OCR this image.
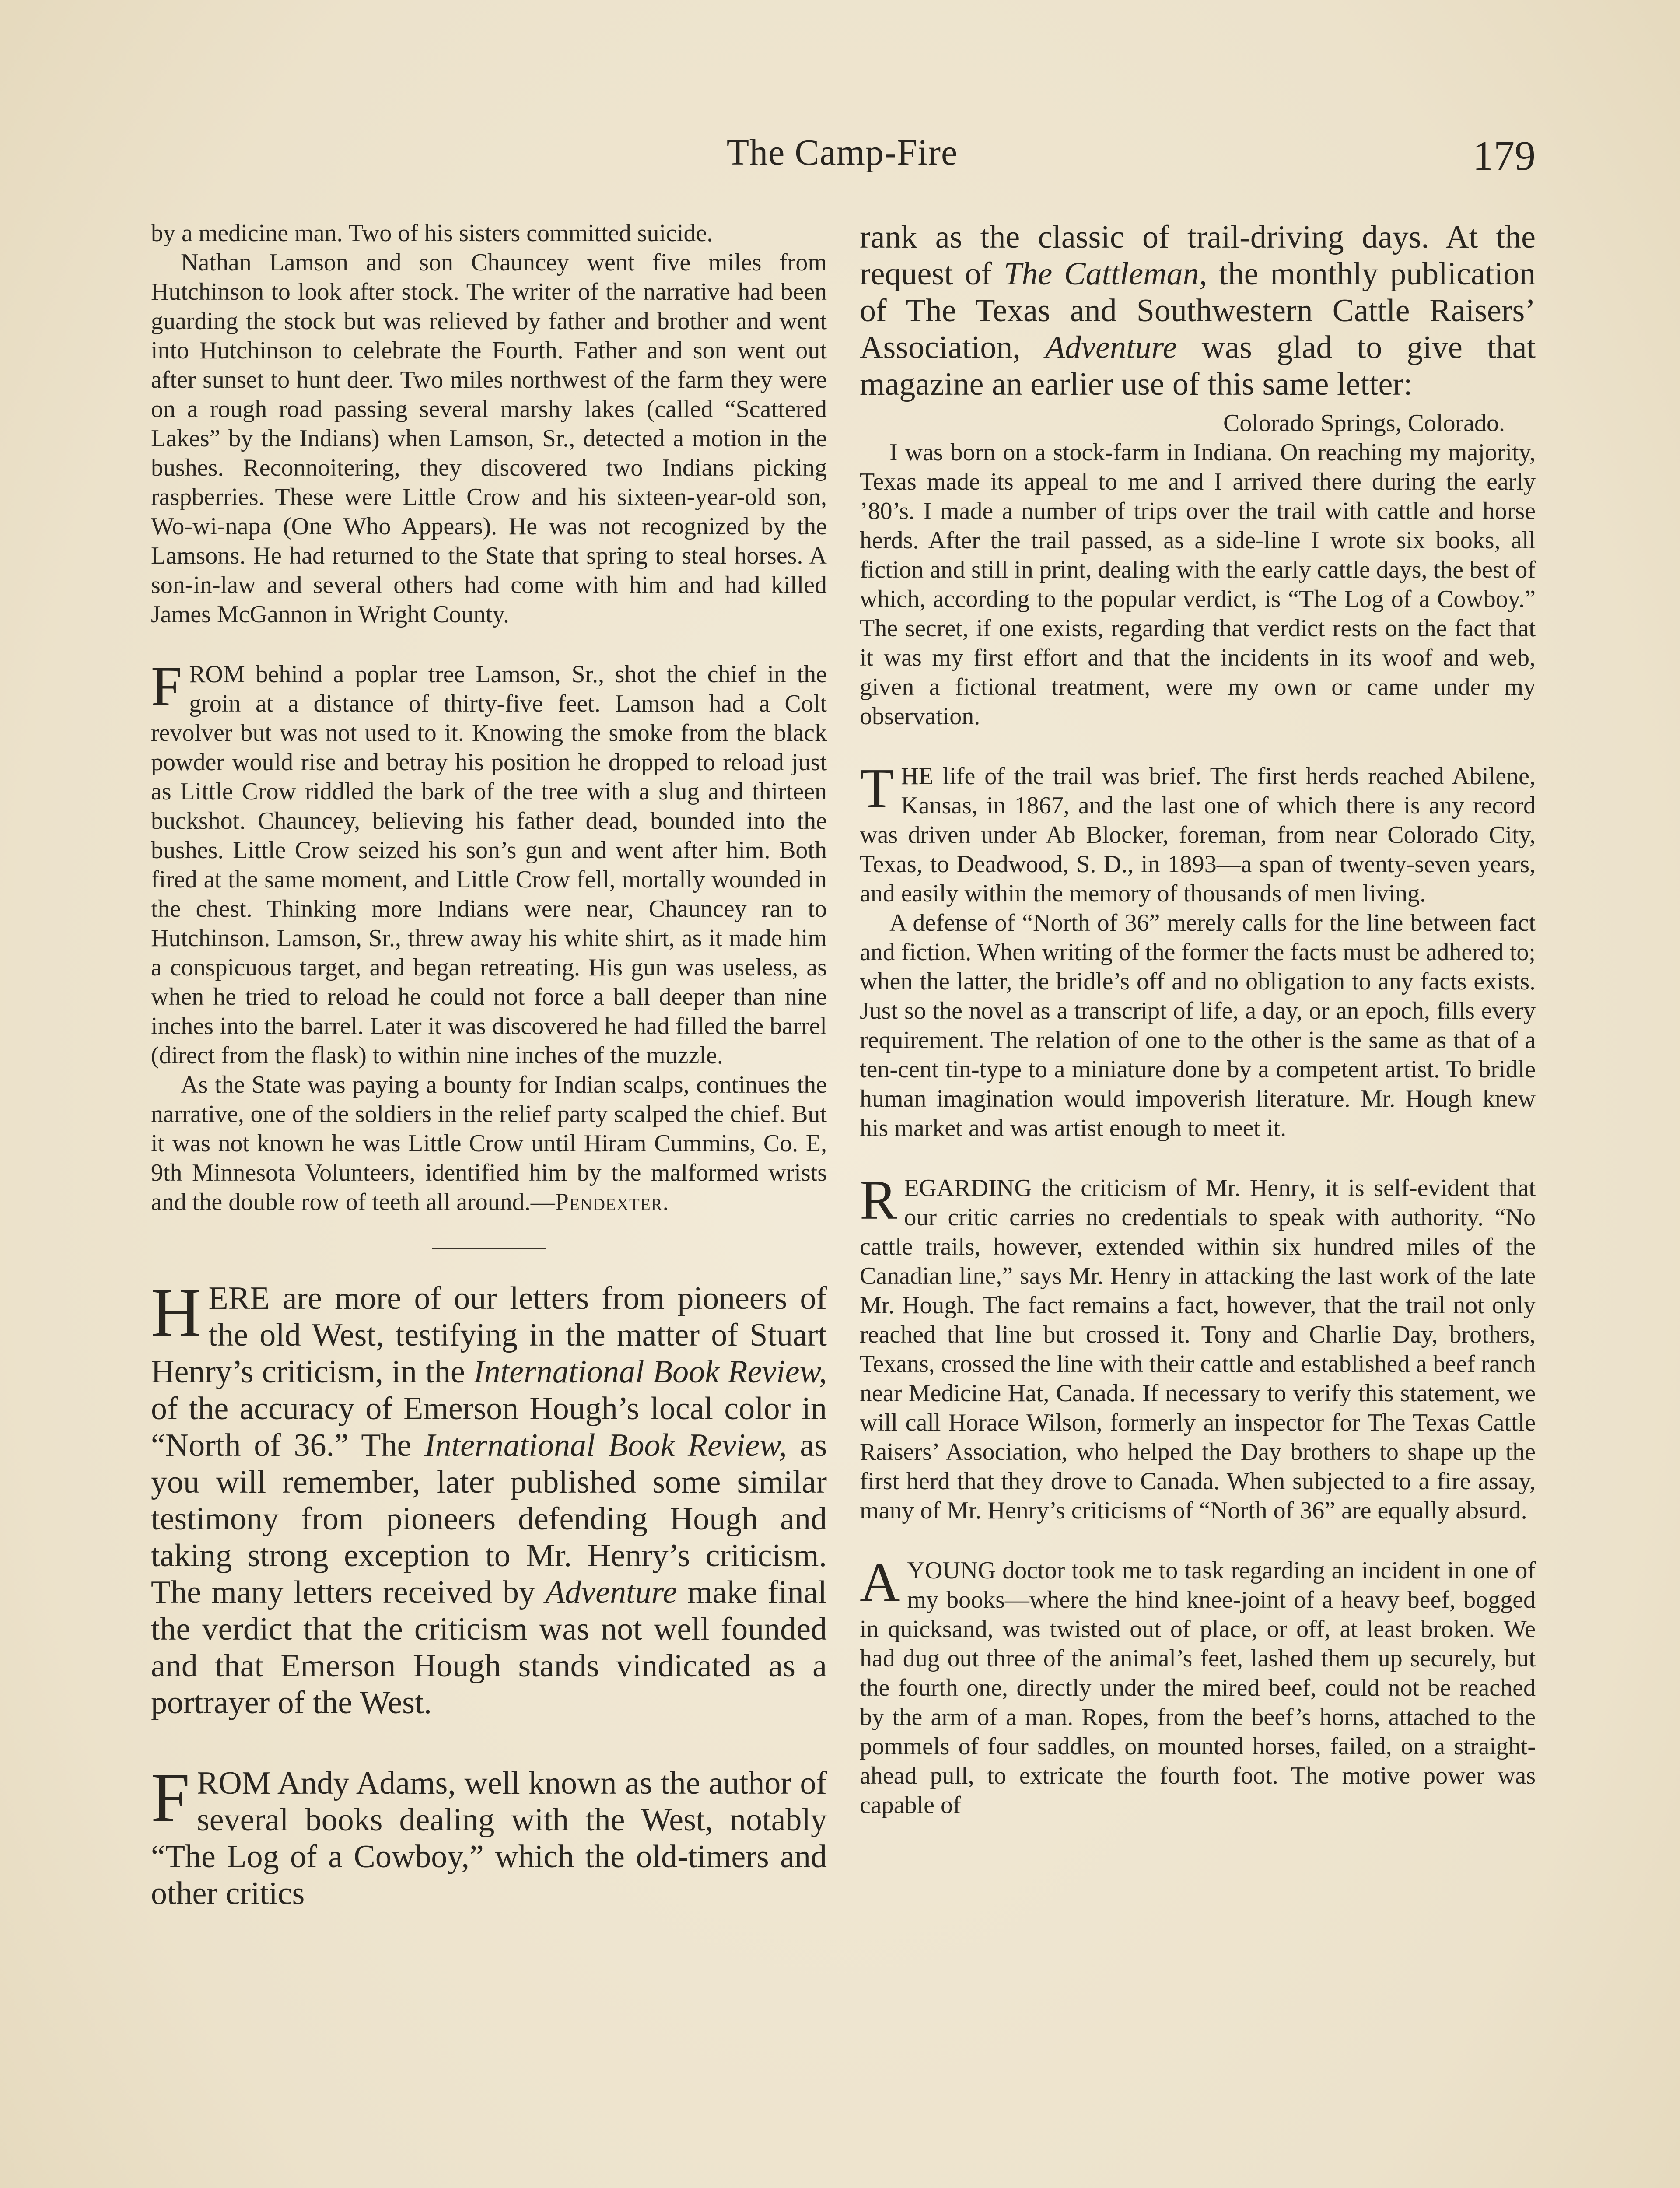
The Camp-Fire	179

by a medicine man. Two of his sisters committed suicide.

Nathan Lamson and son Chauncey went five miles from Hutchinson to look after stock. The writer of the narrative had been guarding the stock but was relieved by father and brother and went into Hutchinson to celebrate the Fourth. Father and son went out after sunset to hunt deer. Two miles northwest of the farm they were on a rough road passing several marshy lakes (called “Scattered Lakes” by the Indians) when Lamson, Sr., detected a motion in the bushes. Reconnoitering, they discovered two Indians picking raspberries. These were Little Crow and his sixteen-year-old son, Wo-wi-napa (One Who Appears). He was not recognized by the Lamsons. He had returned to the State that spring to steal horses. A son-in-law and several others had come with him and had killed James McGannon in Wright County.

FROM behind a poplar tree Lamson, Sr., shot the chief in the groin at a distance of thirty-five feet. Lamson had a Colt revolver but was not used to it. Knowing the smoke from the black powder would rise and betray his position he dropped to reload just as Little Crow riddled the bark of the tree with a slug and thirteen buckshot. Chauncey, believing his father dead, bounded into the bushes. Little Crow seized his son’s gun and went after him. Both fired at the same moment, and Little Crow fell, mortally wounded in the chest. Thinking more Indians were near, Chauncey ran to Hutchinson. Lamson, Sr., threw away his white shirt, as it made him a conspicuous target, and began retreating. His gun was useless, as when he tried to reload he could not force a ball deeper than nine inches into the barrel. Later it was discovered he had filled the barrel (direct from the flask) to within nine inches of the muzzle.

As the State was paying a bounty for Indian scalps, continues the narrative, one of the soldiers in the relief party scalped the chief. But it was not known he was Little Crow until Hiram Cummins, Co. E, 9th Minnesota Volunteers, identified him by the malformed wrists and the double row of teeth all around.—Pendexter.

HERE are more of our letters from pioneers of the old West, testifying in the matter of Stuart Henry’s criticism, in the International Book Review, of the accuracy of Emerson Hough’s local color in “North of 36.” The International Book Review, as you will remember, later published some similar testimony from pioneers defending Hough and taking strong exception to Mr. Henry’s criticism. The many letters received by Adventure make final the verdict that the criticism was not well founded and that Emerson Hough stands vindicated as a portrayer of the West.

FROM Andy Adams, well known as the author of several books dealing with the West, notably “The Log of a Cowboy,” which the old-timers and other critics

rank as the classic of trail-driving days. At the request of The Cattleman, the monthly publication of The Texas and Southwestern Cattle Raisers’ Association, Adventure was glad to give that magazine an earlier use of this same letter:

Colorado Springs, Colorado.

I was born on a stock-farm in Indiana. On reaching my majority, Texas made its appeal to me and I arrived there during the early ’80’s. I made a number of trips over the trail with cattle and horse herds. After the trail passed, as a side-line I wrote six books, all fiction and still in print, dealing with the early cattle days, the best of which, according to the popular verdict, is “The Log of a Cowboy.” The secret, if one exists, regarding that verdict rests on the fact that it was my first effort and that the incidents in its woof and web, given a fictional treatment, were my own or came under my observation.

THE life of the trail was brief. The first herds reached Abilene, Kansas, in 1867, and the last one of which there is any record was driven under Ab Blocker, foreman, from near Colorado City, Texas, to Deadwood, S. D., in 1893—a span of twenty-seven years, and easily within the memory of thousands of men living.

A defense of “North of 36” merely calls for the line between fact and fiction. When writing of the former the facts must be adhered to; when the latter, the bridle’s off and no obligation to any facts exists. Just so the novel as a transcript of life, a day, or an epoch, fills every requirement. The relation of one to the other is the same as that of a ten-cent tin-type to a miniature done by a competent artist. To bridle human imagination would impoverish literature. Mr. Hough knew his market and was artist enough to meet it.

REGARDING the criticism of Mr. Henry, it is self-evident that our critic carries no credentials to speak with authority. “No cattle trails, however, extended within six hundred miles of the Canadian line,” says Mr. Henry in attacking the last work of the late Mr. Hough. The fact remains a fact, however, that the trail not only reached that line but crossed it. Tony and Charlie Day, brothers, Texans, crossed the line with their cattle and established a beef ranch near Medicine Hat, Canada. If necessary to verify this statement, we will call Horace Wilson, formerly an inspector for The Texas Cattle Raisers’ Association, who helped the Day brothers to shape up the first herd that they drove to Canada. When subjected to a fire assay, many of Mr. Henry’s criticisms of “North of 36” are equally absurd.

AYOUNG doctor took me to task regarding an incident in one of my books—where the hind knee-joint of a heavy beef, bogged in quicksand, was twisted out of place, or off, at least broken. We had dug out three of the animal’s feet, lashed them up securely, but the fourth one, directly under the mired beef, could not be reached by the arm of a man. Ropes, from the beef’s horns, attached to the pommels of four saddles, on mounted horses, failed, on a straight-ahead pull, to extricate the fourth foot. The motive power was capable of
